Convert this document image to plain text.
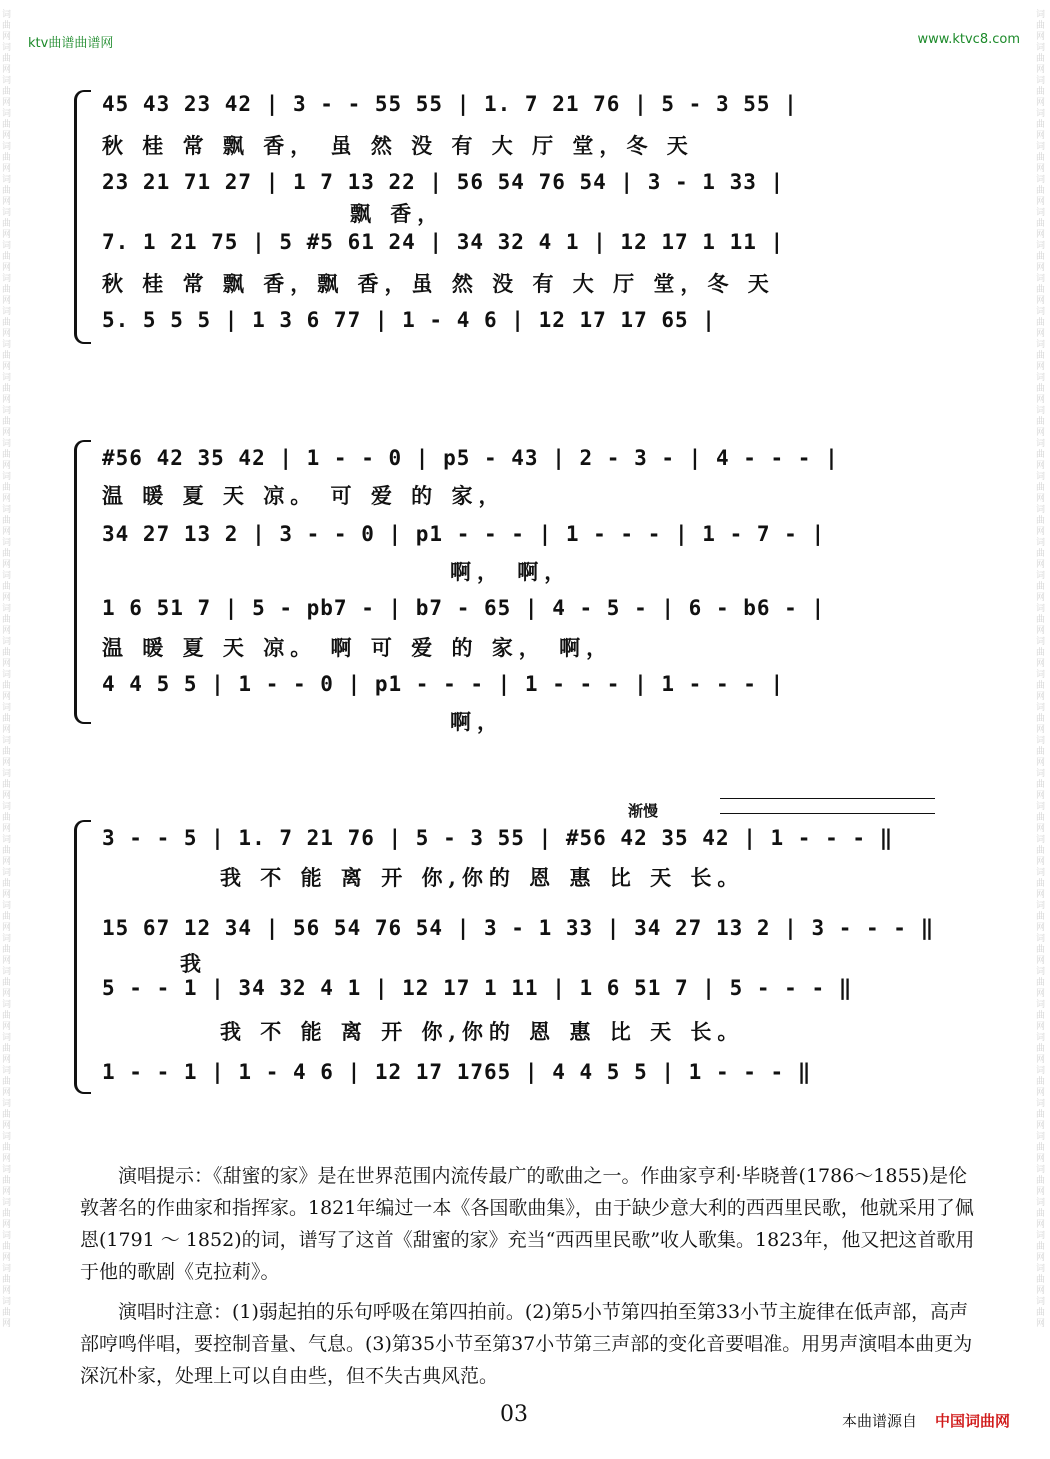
词曲网词曲网词曲网词曲网词曲网词曲网词曲网词曲网词曲网词曲网词曲网词曲网词曲网词曲网词曲网词曲网词曲网词曲网词曲网词曲网词曲网词曲网词曲网词曲网词曲网词曲网词曲网词曲网词曲网词曲网词曲网词曲网词曲网词曲网词曲网词曲网词曲网词曲网词曲网词曲网
词曲网词曲网词曲网词曲网词曲网词曲网词曲网词曲网词曲网词曲网词曲网词曲网词曲网词曲网词曲网词曲网词曲网词曲网词曲网词曲网词曲网词曲网词曲网词曲网词曲网词曲网词曲网词曲网词曲网词曲网词曲网词曲网词曲网词曲网词曲网词曲网词曲网词曲网词曲网词曲网
ktv曲谱曲谱网	www.ktvc8.com
45 43 23 42 | 3 - - 55 55 | 1. 7 21 76 | 5 - 3 55 |
秋 桂 常 飘 香， 虽 然 没 有 大 厅 堂，冬 天
23 21 71 27 | 1 7 13 22 | 56 54 76 54 | 3 - 1 33 |
飘 香，
7. 1 21 75 | 5 #5 61 24 | 34 32 4 1 | 12 17 1 11 |
秋 桂 常 飘 香，飘 香，虽 然 没 有 大 厅 堂，冬 天
5. 5 5 5 | 1 3 6 77 | 1 - 4 6 | 12 17 17 65 |
#56 42 35 42 | 1 - - 0 | p5 - 43 | 2 - 3 - | 4 - - - |
温 暖 夏 天 凉。 可 爱 的 家，
34 27 13 2 | 3 - - 0 | p1 - - - | 1 - - - | 1 - 7 - |
啊， 啊，
1 6 51 7 | 5 - pb7 - | b7 - 65 | 4 - 5 - | 6 - b6 - |
温 暖 夏 天 凉。 啊 可 爱 的 家， 啊，
4 4 5 5 | 1 - - 0 | p1 - - - | 1 - - - | 1 - - - |
啊，
渐慢
3 - - 5 | 1. 7 21 76 | 5 - 3 55 | #56 42 35 42 | 1 - - - ‖
我 不 能 离 开 你,你的 恩 惠 比 天 长。
15 67 12 34 | 56 54 76 54 | 3 - 1 33 | 34 27 13 2 | 3 - - - ‖
我
5 - - 1 | 34 32 4 1 | 12 17 1 11 | 1 6 51 7 | 5 - - - ‖
我 不 能 离 开 你,你的 恩 惠 比 天 长。
1 - - 1 | 1 - 4 6 | 12 17 1765 | 4 4 5 5 | 1 - - - ‖

演唱提示：《甜蜜的家》是在世界范围内流传最广的歌曲之一。作曲家亨利·毕晓普(1786～1855)是伦敦著名的作曲家和指挥家。1821年编过一本《各国歌曲集》，由于缺少意大利的西西里民歌，他就采用了佩恩(1791 ～ 1852)的词，谱写了这首《甜蜜的家》充当“西西里民歌”收人歌集。1823年，他又把这首歌用于他的歌剧《克拉莉》。

演唱时注意：(1)弱起拍的乐句呼吸在第四拍前。(2)第5小节第四拍至第33小节主旋律在低声部，高声部哼鸣伴唱，要控制音量、气息。(3)第35小节至第37小节第三声部的变化音要唱准。用男声演唱本曲更为深沉朴家，处理上可以自由些，但不失古典风范。

03	本曲谱源自 中国词曲网
